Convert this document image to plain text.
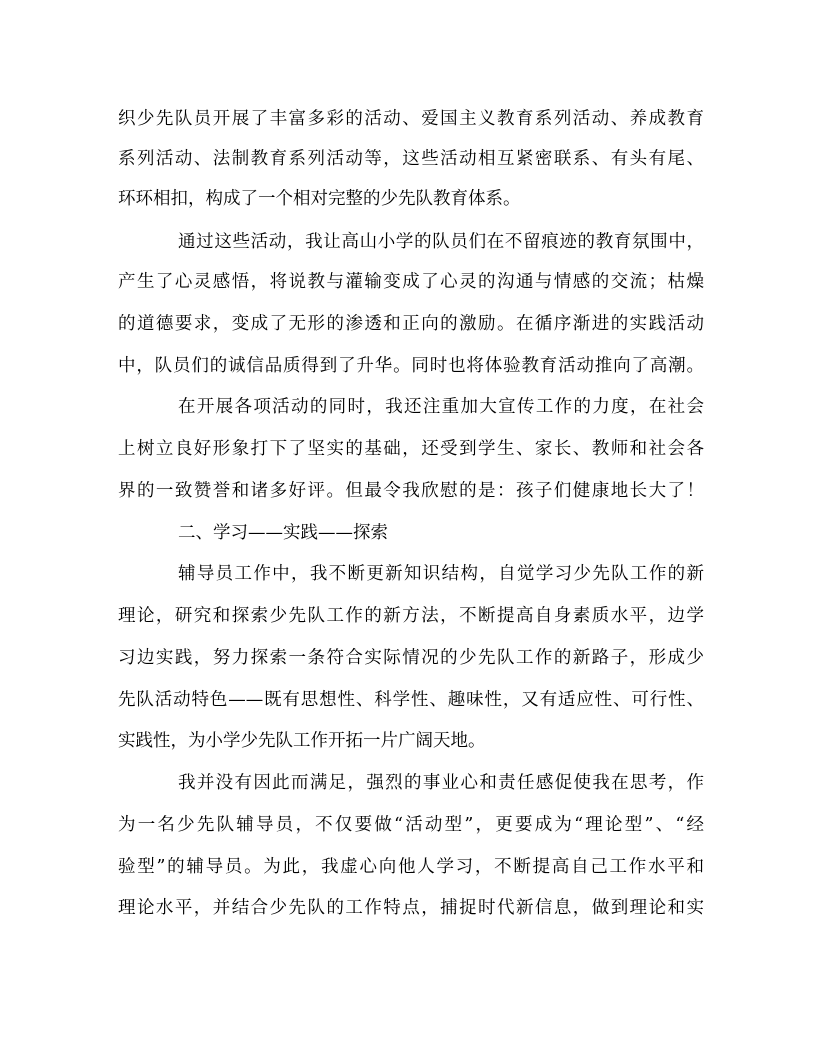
织少先队员开展了丰富多彩的活动、爱国主义教育系列活动、养成教育
系列活动、法制教育系列活动等，这些活动相互紧密联系、有头有尾、
环环相扣，构成了一个相对完整的少先队教育体系。
通过这些活动，我让高山小学的队员们在不留痕迹的教育氛围中，
产生了心灵感悟，将说教与灌输变成了心灵的沟通与情感的交流；枯燥
的道德要求，变成了无形的渗透和正向的激励。在循序渐进的实践活动
中，队员们的诚信品质得到了升华。同时也将体验教育活动推向了高潮。
在开展各项活动的同时，我还注重加大宣传工作的力度，在社会
上树立良好形象打下了坚实的基础，还受到学生、家长、教师和社会各
界的一致赞誉和诸多好评。但最令我欣慰的是：孩子们健康地长大了！
二、学习——实践——探索
辅导员工作中，我不断更新知识结构，自觉学习少先队工作的新
理论，研究和探索少先队工作的新方法，不断提高自身素质水平，边学
习边实践，努力探索一条符合实际情况的少先队工作的新路子，形成少
先队活动特色——既有思想性、科学性、趣味性，又有适应性、可行性、
实践性，为小学少先队工作开拓一片广阔天地。
我并没有因此而满足，强烈的事业心和责任感促使我在思考，作
为一名少先队辅导员，不仅要做“活动型”，更要成为“理论型”、“经
验型”的辅导员。为此，我虚心向他人学习，不断提高自己工作水平和
理论水平，并结合少先队的工作特点，捕捉时代新信息，做到理论和实
